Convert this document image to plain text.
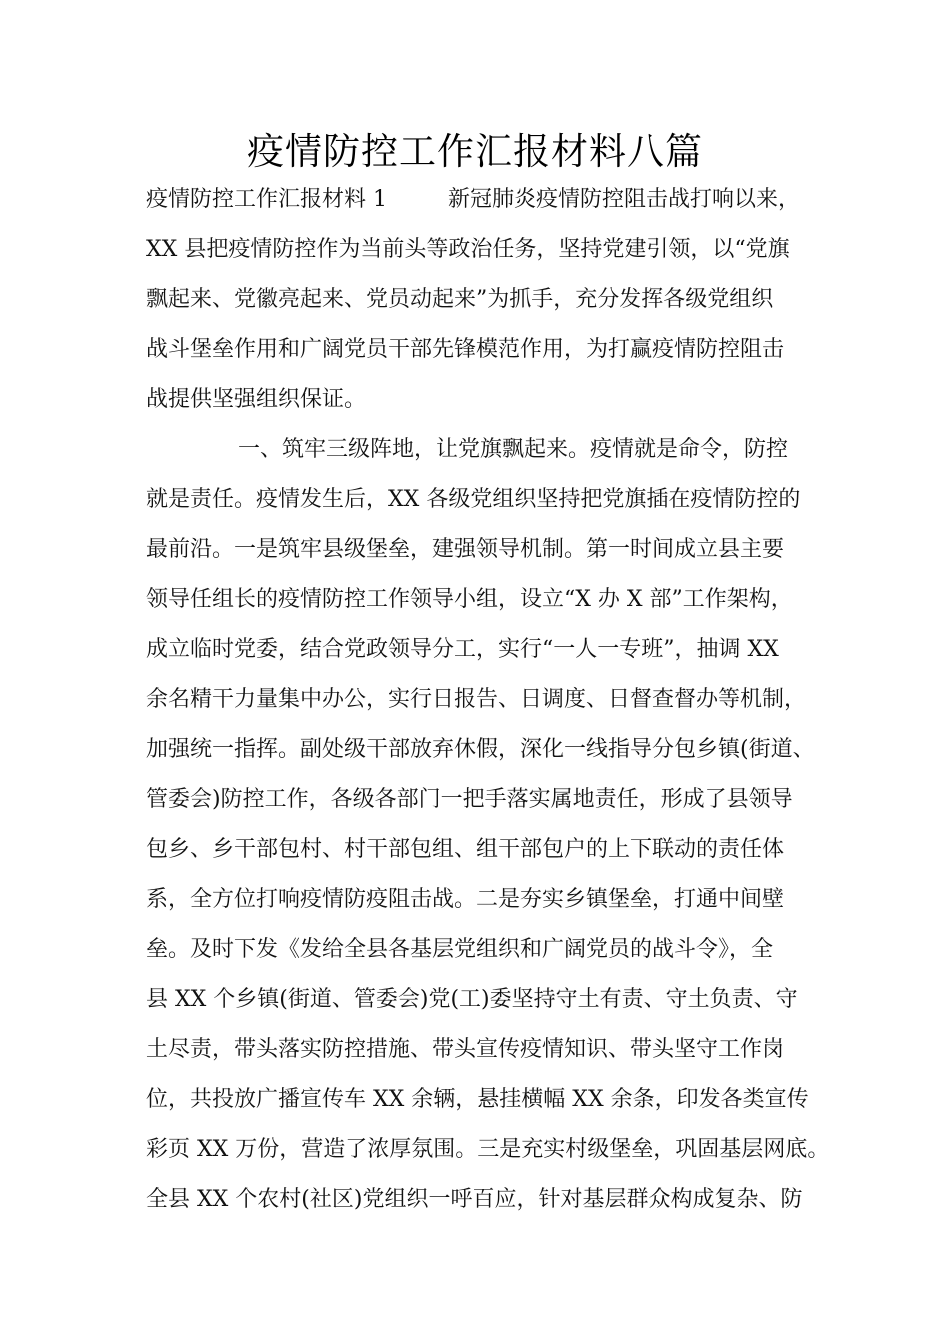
疫情防控工作汇报材料八篇
疫情防控工作汇报材料 1	新冠肺炎疫情防控阻击战打响以来，
XX 县把疫情防控作为当前头等政治任务，坚持党建引领，以“党旗
飘起来、党徽亮起来、党员动起来”为抓手，充分发挥各级党组织
战斗堡垒作用和广阔党员干部先锋模范作用，为打赢疫情防控阻击
战提供坚强组织保证。
一、筑牢三级阵地，让党旗飘起来。疫情就是命令，防控
就是责任。疫情发生后，XX 各级党组织坚持把党旗插在疫情防控的
最前沿。一是筑牢县级堡垒，建强领导机制。第一时间成立县主要
领导任组长的疫情防控工作领导小组，设立“X 办 X 部”工作架构，
成立临时党委，结合党政领导分工，实行“一人一专班”，抽调 XX
余名精干力量集中办公，实行日报告、日调度、日督查督办等机制，
加强统一指挥。副处级干部放弃休假，深化一线指导分包乡镇(街道、
管委会)防控工作，各级各部门一把手落实属地责任，形成了县领导
包乡、乡干部包村、村干部包组、组干部包户的上下联动的责任体
系，全方位打响疫情防疫阻击战。二是夯实乡镇堡垒，打通中间壁
垒。及时下发《发给全县各基层党组织和广阔党员的战斗令》，全
县 XX 个乡镇(街道、管委会)党(工)委坚持守土有责、守土负责、守
土尽责，带头落实防控措施、带头宣传疫情知识、带头坚守工作岗
位，共投放广播宣传车 XX 余辆，悬挂横幅 XX 余条，印发各类宣传
彩页 XX 万份，营造了浓厚氛围。三是充实村级堡垒，巩固基层网底。
全县 XX 个农村(社区)党组织一呼百应，针对基层群众构成复杂、防
